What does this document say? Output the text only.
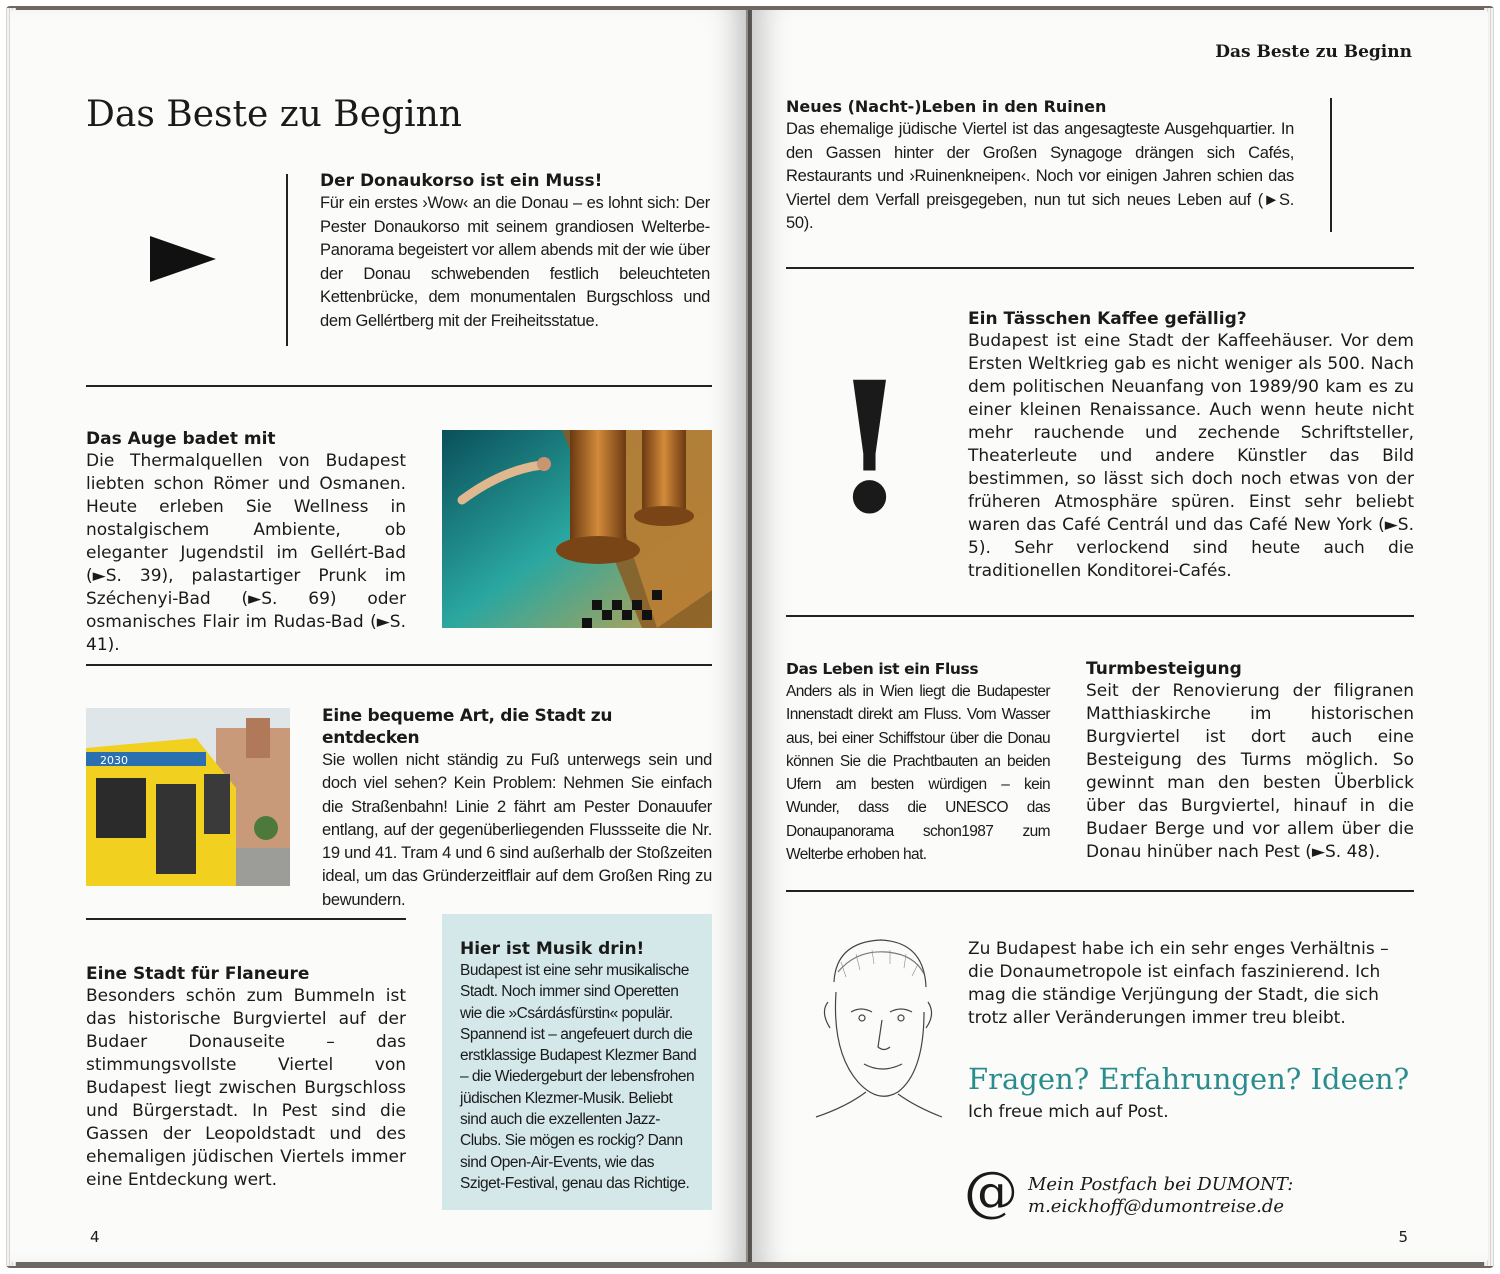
Das Beste zu Beginn
Der Donaukorso ist ein Muss!
Für ein erstes ›Wow‹ an die Donau – es lohnt sich: Der Pester Donaukorso mit seinem grandiosen Welterbe-Panorama begeistert vor allem abends mit der wie über der Donau schwebenden festlich beleuchteten Kettenbrücke, dem monumentalen Burgschloss und dem Gellértberg mit der Freiheitsstatue.
Das Auge badet mit
Die Thermalquellen von Budapest liebten schon Römer und Osmanen. Heute erleben Sie Wellness in nostalgischem Ambiente, ob eleganter Jugendstil im Gellért-Bad (►S. 39), palastartiger Prunk im Széchenyi-Bad (►S. 69) oder osmanisches Flair im Rudas-Bad (►S. 41).
2030
Eine bequeme Art, die Stadt zu entdecken
Sie wollen nicht ständig zu Fuß unterwegs sein und doch viel sehen? Kein Problem: Nehmen Sie einfach die Straßenbahn! Linie 2 fährt am Pester Donauufer entlang, auf der gegenüberliegenden Flussseite die Nr. 19 und 41. Tram 4 und 6 sind außerhalb der Stoßzeiten ideal, um das Gründerzeitflair auf dem Großen Ring zu bewundern.
Eine Stadt für Flaneure
Besonders schön zum Bummeln ist das historische Burgviertel auf der Budaer Donauseite – das stimmungsvollste Viertel von Budapest liegt zwischen Burgschloss und Bürgerstadt. In Pest sind die Gassen der Leopoldstadt und des ehemaligen jüdischen Viertels immer eine Entdeckung wert.
Hier ist Musik drin!
Budapest ist eine sehr musikalische Stadt. Noch immer sind Operetten wie die »Csárdásfürstin« populär. Spannend ist – angefeuert durch die erstklassige Budapest Klezmer Band – die Wiedergeburt der lebensfrohen jüdischen Klezmer-Musik. Beliebt sind auch die exzellenten Jazz-Clubs. Sie mögen es rockig? Dann sind Open-Air-Events, wie das Sziget-Festival, genau das Richtige.
4
Das Beste zu Beginn
Neues (Nacht-)Leben in den Ruinen
Das ehemalige jüdische Viertel ist das angesagteste Ausgehquartier. In den Gassen hinter der Großen Synagoge drängen sich Cafés, Restaurants und ›Ruinenkneipen‹. Noch vor einigen Jahren schien das Viertel dem Verfall preisgegeben, nun tut sich neues Leben auf (►S. 50).
!
Ein Tässchen Kaffee gefällig?
Budapest ist eine Stadt der Kaffeehäuser. Vor dem Ersten Weltkrieg gab es nicht weniger als 500. Nach dem politischen Neuanfang von 1989/90 kam es zu einer kleinen Renaissance. Auch wenn heute nicht mehr rauchende und zechende Schriftsteller, Theaterleute und andere Künstler das Bild bestimmen, so lässt sich doch noch etwas von der früheren Atmosphäre spüren. Einst sehr beliebt waren das Café Centrál und das Café New York (►S. 5). Sehr verlockend sind heute auch die traditionellen Konditorei-Cafés.
Das Leben ist ein Fluss
Anders als in Wien liegt die Budapester Innenstadt direkt am Fluss. Vom Wasser aus, bei einer Schiffstour über die Donau können Sie die Prachtbauten an beiden Ufern am besten würdigen – kein Wunder, dass die UNESCO das Donaupanorama schon1987 zum Welterbe erhoben hat.
Turmbesteigung
Seit der Renovierung der filigranen Matthiaskirche im historischen Burgviertel ist dort auch eine Besteigung des Turms möglich. So gewinnt man den besten Überblick über das Burgviertel, hinauf in die Budaer Berge und vor allem über die Donau hinüber nach Pest (►S. 48).
Zu Budapest habe ich ein sehr enges Verhältnis – die Donaumetropole ist einfach faszinierend. Ich mag die ständige Verjüngung der Stadt, die sich trotz aller Veränderungen immer treu bleibt.
Fragen? Erfahrungen? Ideen?
Ich freue mich auf Post.
@ Mein Postfach bei DUMONT:
m.eickhoff@dumontreise.de
5
